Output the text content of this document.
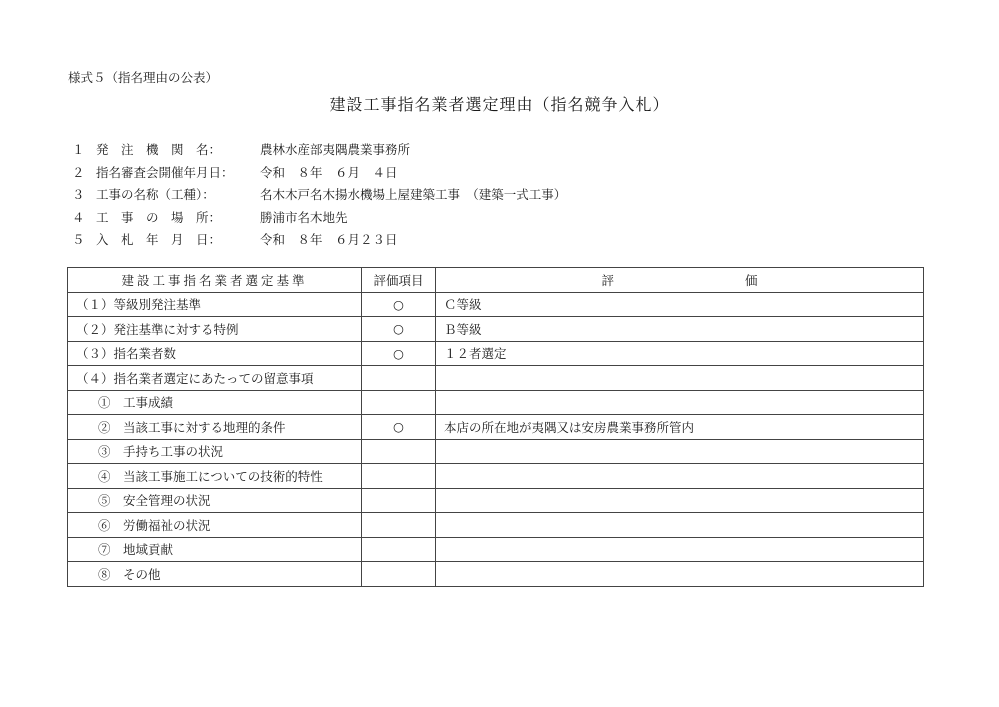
様式５（指名理由の公表）
建設工事指名業者選定理由（指名競争入札）
１ 発　注　機　関　名：	農林水産部夷隅農業事務所
２ 指名審査会開催年月日：	令和　８年　６月　４日
３ 工事の名称（工種）：	名木木戸名木揚水機場上屋建築工事　（建築一式工事）
４ 工　事　の　場　所：	勝浦市名木地先
５ 入　札　年　月　日：	令和　８年　６月２３日
建設工事指名業者選定基準	評価項目	評 価

（１）等級別発注基準	○	Ｃ等級
（２）発注基準に対する特例	○	Ｂ等級
（３）指名業者数	○	１２者選定
（４）指名業者選定にあたっての留意事項		
①　工事成績		
②　当該工事に対する地理的条件	○	本店の所在地が夷隅又は安房農業事務所管内
③　手持ち工事の状況		
④　当該工事施工についての技術的特性		
⑤　安全管理の状況		
⑥　労働福祉の状況		
⑦　地域貢献		
⑧　その他		
